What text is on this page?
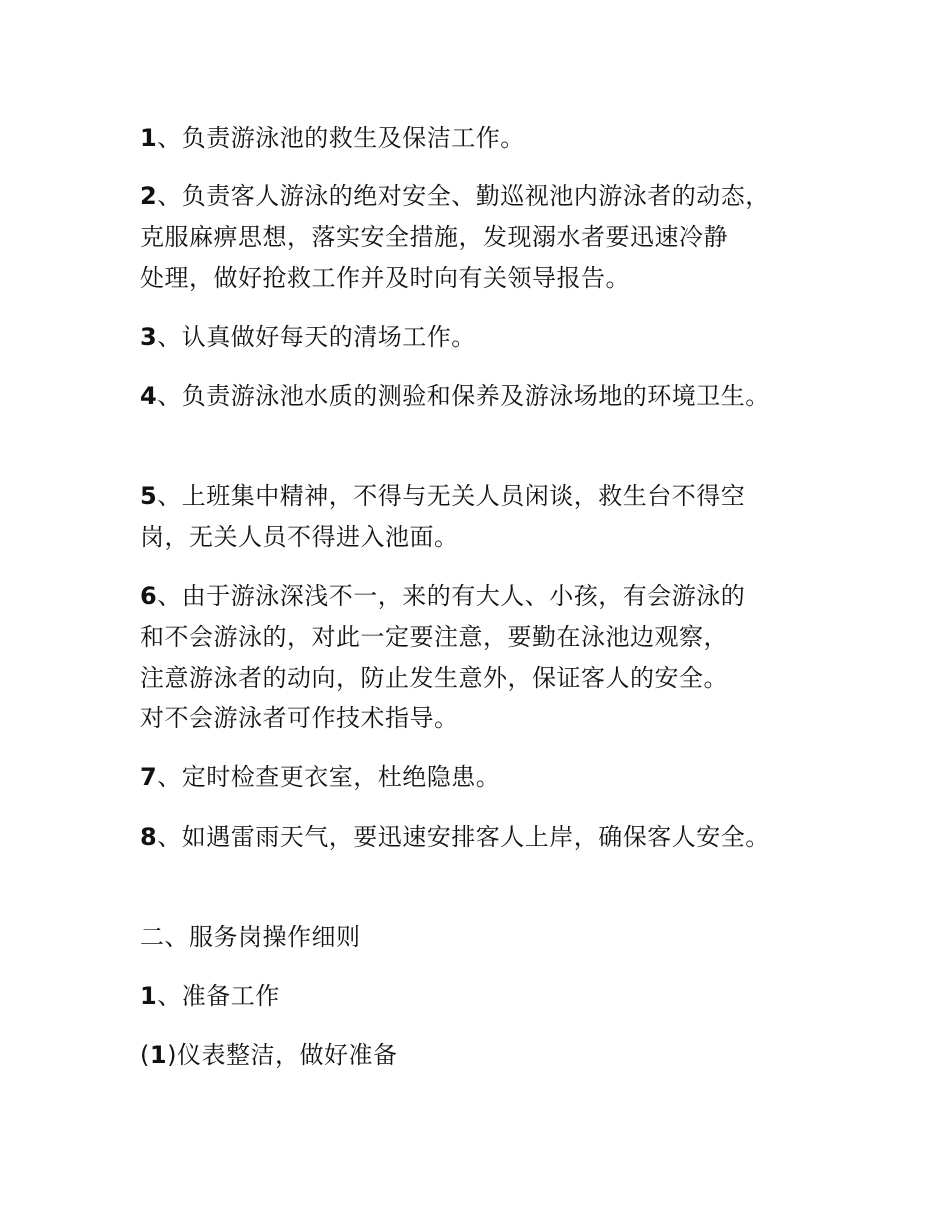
1、负责游泳池的救生及保洁工作。
2、负责客人游泳的绝对安全、勤巡视池内游泳者的动态，
克服麻痹思想，落实安全措施，发现溺水者要迅速冷静
处理，做好抢救工作并及时向有关领导报告。
3、认真做好每天的清场工作。
4、负责游泳池水质的测验和保养及游泳场地的环境卫生。
5、上班集中精神，不得与无关人员闲谈，救生台不得空
岗，无关人员不得进入池面。
6、由于游泳深浅不一，来的有大人、小孩，有会游泳的
和不会游泳的，对此一定要注意，要勤在泳池边观察，
注意游泳者的动向，防止发生意外，保证客人的安全。
对不会游泳者可作技术指导。
7、定时检查更衣室，杜绝隐患。
8、如遇雷雨天气，要迅速安排客人上岸，确保客人安全。
二、服务岗操作细则
1、准备工作
(1)仪表整洁，做好准备
